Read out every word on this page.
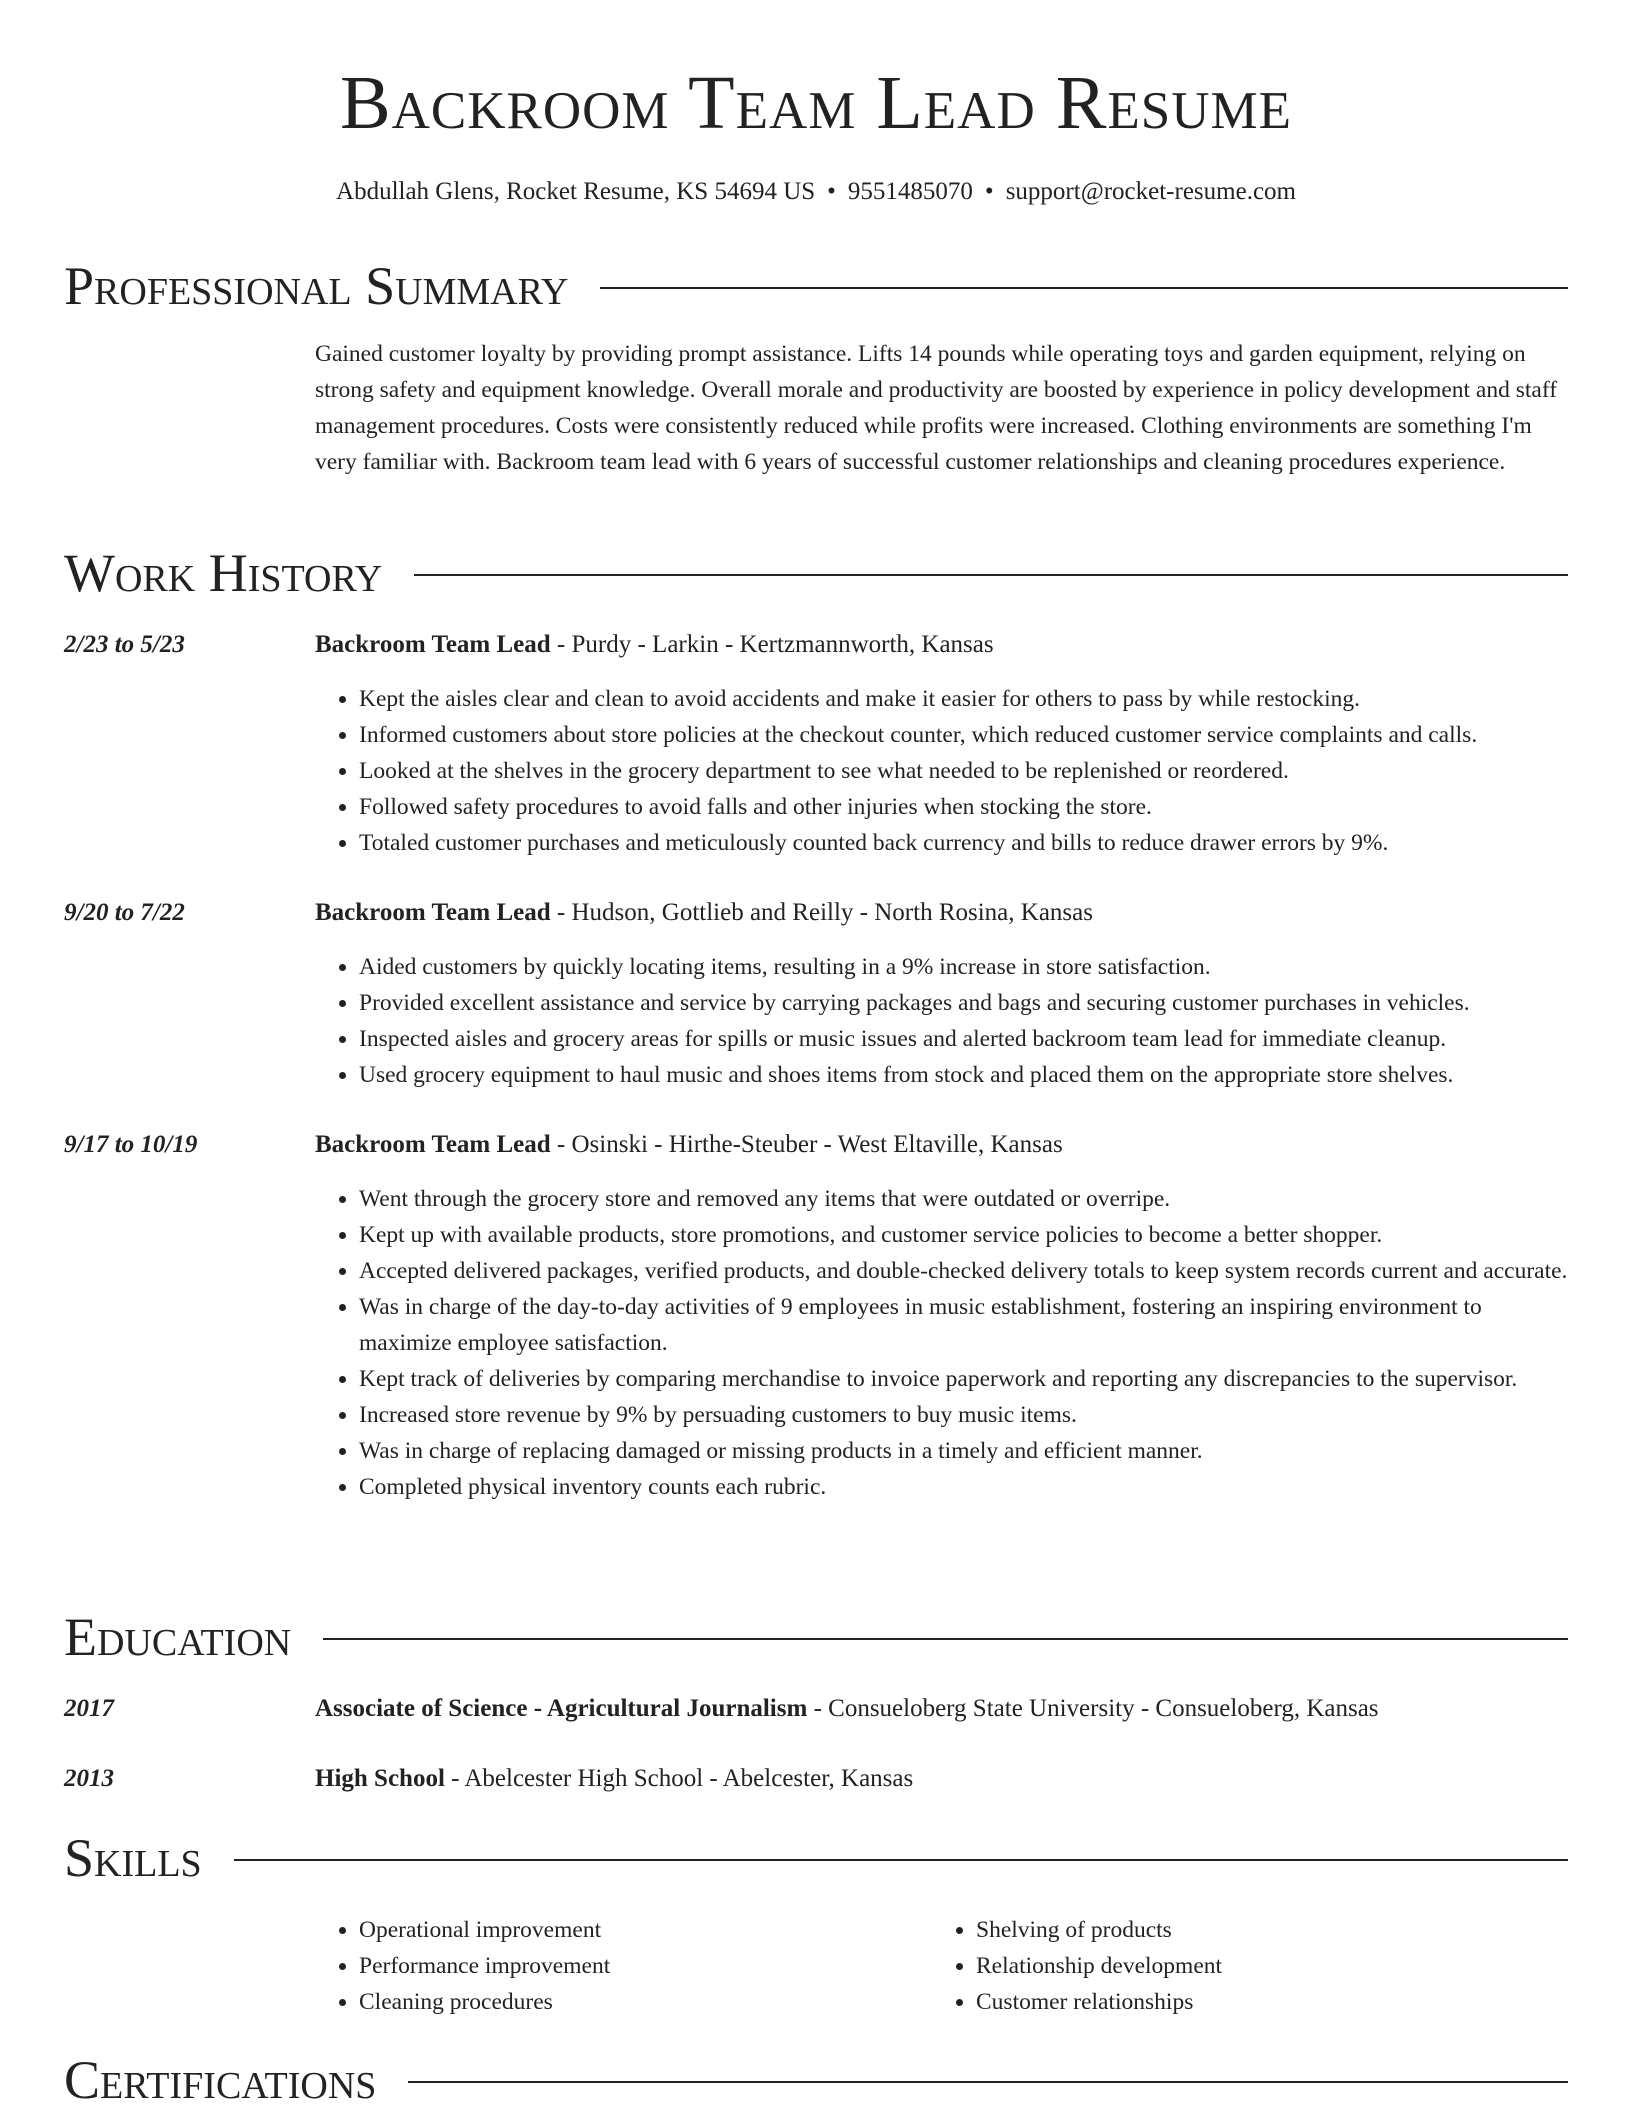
Backroom Team Lead Resume
Abdullah Glens, Rocket Resume, KS 54694 US • 9551485070 • support@rocket-resume.com
Professional Summary
Gained customer loyalty by providing prompt assistance. Lifts 14 pounds while operating toys and garden equipment, relying on strong safety and equipment knowledge. Overall morale and productivity are boosted by experience in policy development and staff management procedures. Costs were consistently reduced while profits were increased. Clothing environments are something I'm very familiar with. Backroom team lead with 6 years of successful customer relationships and cleaning procedures experience.
Work History
2/23 to 5/23	Backroom Team Lead - Purdy - Larkin - Kertzmannworth, Kansas
• Kept the aisles clear and clean to avoid accidents and make it easier for others to pass by while restocking.
• Informed customers about store policies at the checkout counter, which reduced customer service complaints and calls.
• Looked at the shelves in the grocery department to see what needed to be replenished or reordered.
• Followed safety procedures to avoid falls and other injuries when stocking the store.
• Totaled customer purchases and meticulously counted back currency and bills to reduce drawer errors by 9%.
9/20 to 7/22	Backroom Team Lead - Hudson, Gottlieb and Reilly - North Rosina, Kansas
• Aided customers by quickly locating items, resulting in a 9% increase in store satisfaction.
• Provided excellent assistance and service by carrying packages and bags and securing customer purchases in vehicles.
• Inspected aisles and grocery areas for spills or music issues and alerted backroom team lead for immediate cleanup.
• Used grocery equipment to haul music and shoes items from stock and placed them on the appropriate store shelves.
9/17 to 10/19	Backroom Team Lead - Osinski - Hirthe-Steuber - West Eltaville, Kansas
• Went through the grocery store and removed any items that were outdated or overripe.
• Kept up with available products, store promotions, and customer service policies to become a better shopper.
• Accepted delivered packages, verified products, and double-checked delivery totals to keep system records current and accurate.
• Was in charge of the day-to-day activities of 9 employees in music establishment, fostering an inspiring environment to maximize employee satisfaction.
• Kept track of deliveries by comparing merchandise to invoice paperwork and reporting any discrepancies to the supervisor.
• Increased store revenue by 9% by persuading customers to buy music items.
• Was in charge of replacing damaged or missing products in a timely and efficient manner.
• Completed physical inventory counts each rubric.
Education
2017	Associate of Science - Agricultural Journalism - Consueloberg State University - Consueloberg, Kansas
2013	High School - Abelcester High School - Abelcester, Kansas
Skills
• Operational improvement
• Performance improvement
• Cleaning procedures
• Shelving of products
• Relationship development
• Customer relationships
Certifications
